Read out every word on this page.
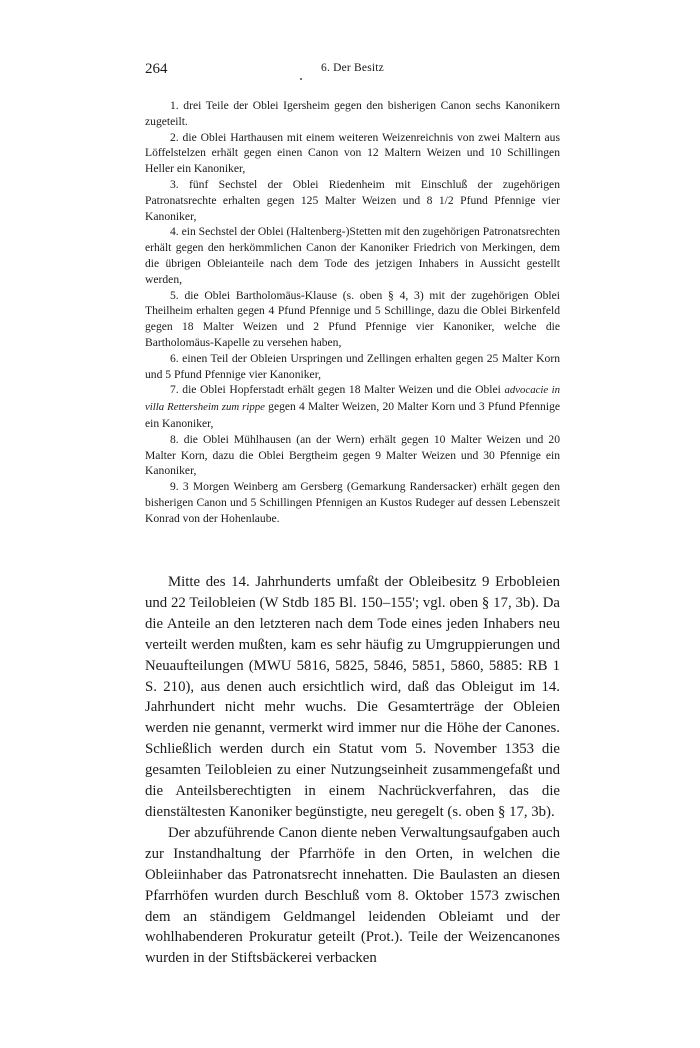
264	6. Der Besitz

1. drei Teile der Oblei Igersheim gegen den bisherigen Canon sechs Kanonikern zugeteilt.

2. die Oblei Harthausen mit einem weiteren Weizenreichnis von zwei Maltern aus Löffelstelzen erhält gegen einen Canon von 12 Maltern Weizen und 10 Schillingen Heller ein Kanoniker,

3. fünf Sechstel der Oblei Riedenheim mit Einschluß der zugehörigen Patronatsrechte erhalten gegen 125 Malter Weizen und 8 1/2 Pfund Pfennige vier Kanoniker,

4. ein Sechstel der Oblei (Haltenberg-)Stetten mit den zugehörigen Patronatsrechten erhält gegen den herkömmlichen Canon der Kanoniker Friedrich von Merkingen, dem die übrigen Obleianteile nach dem Tode des jetzigen Inhabers in Aussicht gestellt werden,

5. die Oblei Bartholomäus-Klause (s. oben § 4, 3) mit der zugehörigen Oblei Theilheim erhalten gegen 4 Pfund Pfennige und 5 Schillinge, dazu die Oblei Birkenfeld gegen 18 Malter Weizen und 2 Pfund Pfennige vier Kanoniker, welche die Bartholomäus-Kapelle zu versehen haben,

6. einen Teil der Obleien Urspringen und Zellingen erhalten gegen 25 Malter Korn und 5 Pfund Pfennige vier Kanoniker,

7. die Oblei Hopferstadt erhält gegen 18 Malter Weizen und die Oblei advocacie in villa Rettersheim zum rippe gegen 4 Malter Weizen, 20 Malter Korn und 3 Pfund Pfennige ein Kanoniker,

8. die Oblei Mühlhausen (an der Wern) erhält gegen 10 Malter Weizen und 20 Malter Korn, dazu die Oblei Bergtheim gegen 9 Malter Weizen und 30 Pfennige ein Kanoniker,

9. 3 Morgen Weinberg am Gersberg (Gemarkung Randersacker) erhält gegen den bisherigen Canon und 5 Schillingen Pfennigen an Kustos Rudeger auf dessen Lebenszeit Konrad von der Hohenlaube.

Mitte des 14. Jahrhunderts umfaßt der Obleibesitz 9 Erbobleien und 22 Teilobleien (W Stdb 185 Bl. 150–155'; vgl. oben § 17, 3b). Da die Anteile an den letzteren nach dem Tode eines jeden Inhabers neu verteilt werden mußten, kam es sehr häufig zu Umgruppierungen und Neuaufteilungen (MWU 5816, 5825, 5846, 5851, 5860, 5885: RB 1 S. 210), aus denen auch ersichtlich wird, daß das Obleigut im 14. Jahrhundert nicht mehr wuchs. Die Gesamterträge der Obleien werden nie genannt, vermerkt wird immer nur die Höhe der Canones. Schließlich werden durch ein Statut vom 5. November 1353 die gesamten Teilobleien zu einer Nutzungseinheit zusammengefaßt und die Anteilsberechtigten in einem Nachrückverfahren, das die dienstältesten Kanoniker begünstigte, neu geregelt (s. oben § 17, 3b).

Der abzuführende Canon diente neben Verwaltungsaufgaben auch zur Instandhaltung der Pfarrhöfe in den Orten, in welchen die Obleiinhaber das Patronatsrecht innehatten. Die Baulasten an diesen Pfarrhöfen wurden durch Beschluß vom 8. Oktober 1573 zwischen dem an ständigem Geldmangel leidenden Obleiamt und der wohlhabenderen Prokuratur geteilt (Prot.). Teile der Weizencanones wurden in der Stiftsbäckerei verbacken
